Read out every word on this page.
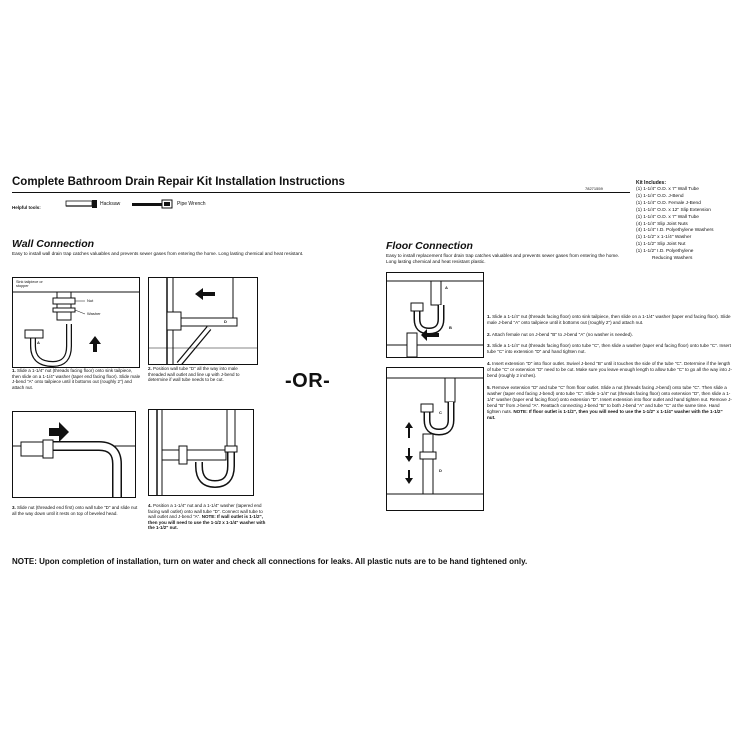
Complete Bathroom Drain Repair Kit Installation Instructions
78271559
Helpful tools:
Hacksaw	Pipe Wrench
Kit Includes:
(1) 1-1/4" O.D. x 7" Wall Tube
(1) 1-1/4" O.D. J-Bend
(1) 1-1/4" O.D. Female J-Bend
(1) 1-1/4" O.D. x 12" Slip Extension
(1) 1-1/4" O.D. x 7" Wall Tube
(4) 1-1/4" Slip Joint Nuts
(4) 1-1/4" I.D. Polyethylene Washers
(1) 1-1/2" x 1-1/4" Washer
(1) 1-1/2" Slip Joint Nut
(1) 1-1/2" I.D. Polyethylene
Reducing Washers
Wall Connection
Easy to install wall drain trap catches valuables and prevents sewer gases from entering the home. Long lasting chemical and heat resistant.
Sink tailpiece or stopper
Nut
Washer
A
1. Slide a 1-1/4" nut (threads facing floor) onto sink tailpiece, then slide on a 1-1/4" washer (taper end facing floor). Slide male J-bend "A" onto tailpiece until it bottoms out (roughly 2") and attach nut.
D
2. Position wall tube "D" all the way into male threaded wall outlet and line up with J-bend to determine if wall tube needs to be cut.
3. Slide nut (threaded end first) onto wall tube "D" and slide nut all the way down until it rests on top of beveled head.
4. Position a 1-1/4" nut and a 1-1/4" washer (tapered end facing wall outlet) onto wall tube "D". Connect wall tube to wall outlet and J-bend "A". NOTE: If wall outlet is 1-1/2", then you will need to use the 1-1/2 x 1-1/4" washer with the 1-1/2" nut.
-OR-
Floor Connection
Easy to install replacement floor drain trap catches valuables and prevents sewer gases from entering the home. Long lasting chemical and heat resistant plastic.
A
B
C
D

1. Slide a 1-1/4" nut (threads facing floor) onto sink tailpiece, then slide on a 1-1/4" washer (taper end facing floor). Slide male J-bend "A" onto tailpiece until it bottoms out (roughly 2") and attach nut.

2. Attach female nut on J-bend "B" to J-bend "A" (no washer is needed).

3. Slide a 1-1/4" nut (threads facing floor) onto tube "C", then slide a washer (taper end facing floor) onto tube "C". Insert tube "C" into extension "D" and hand tighten nut.

4. Insert extension "D" into floor outlet. Swivel J-bend "B" until it touches the side of the tube "C". Determine if the length of tube "C" or extension "D" need to be cut. Make sure you leave enough length to allow tube "C" to go all the way into J-bend (roughly 2 inches).

5. Remove extension "D" and tube "C" from floor outlet. Slide a nut (threads facing J-bend) onto tube "C". Then slide a washer (taper end facing J-bend) onto tube "C". Slide 1-1/4" nut (threads facing floor) onto extension "D", then slide a 1-1/4" washer (taper end facing floor) onto extension "D". Insert extension into floor outlet and hand tighten nut. Remove J-bend "B" from J-bend "A". Reattach connecting J-bend "B" to both J-bend "A" and tube "C" at the same time. Hand tighten nuts. NOTE: If floor outlet is 1-1/2", then you will need to use the 1-1/2" x 1-1/4" washer with the 1-1/2" nut.

NOTE: Upon completion of installation, turn on water and check all connections for leaks. All plastic nuts are to be hand tightened only.
